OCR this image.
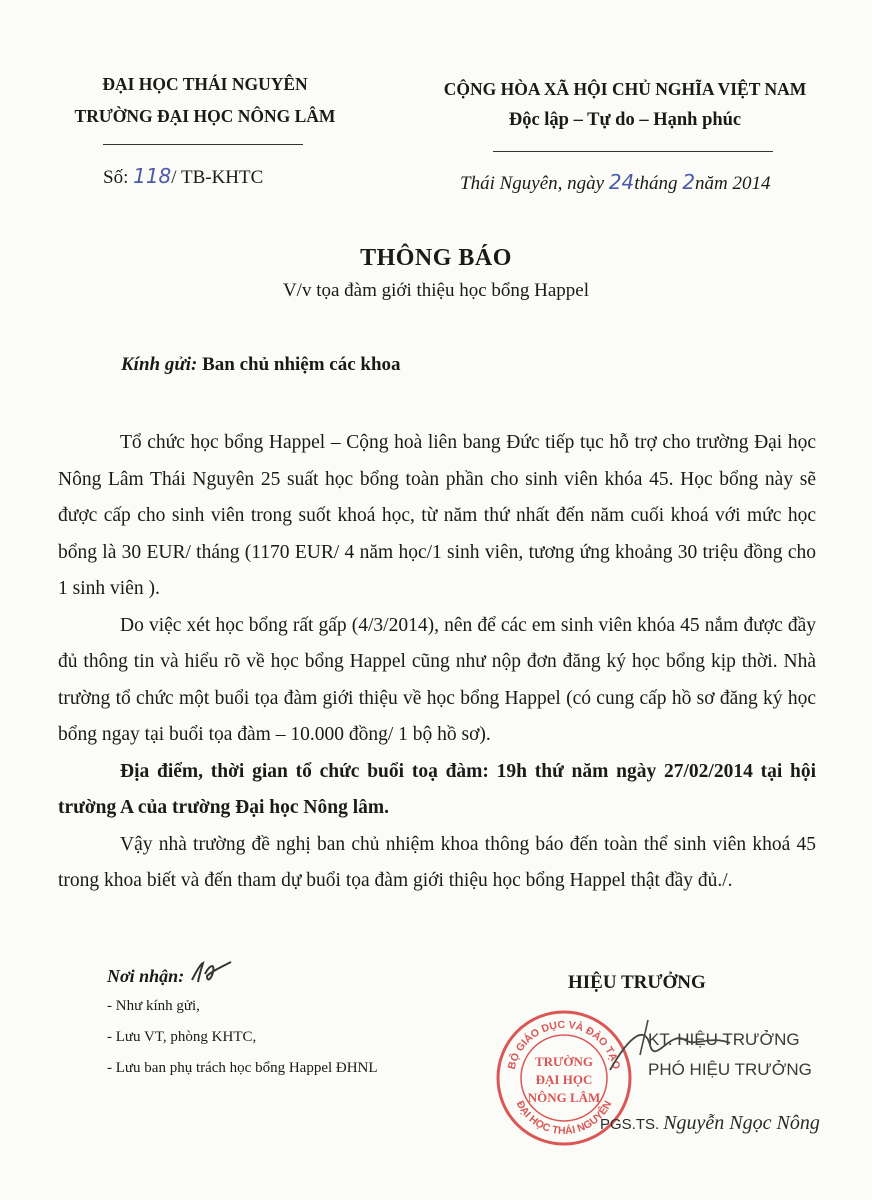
ĐẠI HỌC THÁI NGUYÊN
TRƯỜNG ĐẠI HỌC NÔNG LÂM
Số: 118/ TB-KHTC
CỘNG HÒA XÃ HỘI CHỦ NGHĨA VIỆT NAM
Độc lập – Tự do – Hạnh phúc
Thái Nguyên, ngày 24tháng 2năm 2014
THÔNG BÁO
V/v tọa đàm giới thiệu học bổng Happel
Kính gửi: Ban chủ nhiệm các khoa

Tổ chức học bổng Happel – Cộng hoà liên bang Đức tiếp tục hỗ trợ cho trường Đại học Nông Lâm Thái Nguyên 25 suất học bổng toàn phần cho sinh viên khóa 45. Học bổng này sẽ được cấp cho sinh viên trong suốt khoá học, từ năm thứ nhất đến năm cuối khoá với mức học bổng là 30 EUR/ tháng (1170 EUR/ 4 năm học/1 sinh viên, tương ứng khoảng 30 triệu đồng cho 1 sinh viên ).

Do việc xét học bổng rất gấp (4/3/2014), nên để các em sinh viên khóa 45 nắm được đầy đủ thông tin và hiểu rõ về học bổng Happel cũng như nộp đơn đăng ký học bổng kịp thời. Nhà trường tổ chức một buổi tọa đàm giới thiệu về học bổng Happel (có cung cấp hồ sơ đăng ký học bổng ngay tại buổi tọa đàm – 10.000 đồng/ 1 bộ hồ sơ).

Địa điểm, thời gian tổ chức buổi toạ đàm: 19h thứ năm ngày 27/02/2014 tại hội trường A của trường Đại học Nông lâm.

Vậy nhà trường đề nghị ban chủ nhiệm khoa thông báo đến toàn thể sinh viên khoá 45 trong khoa biết và đến tham dự buổi tọa đàm giới thiệu học bổng Happel thật đầy đủ./.

Nơi nhận:
- Như kính gửi,
- Lưu VT, phòng KHTC,
- Lưu ban phụ trách học bổng Happel ĐHNL
HIỆU TRƯỞNG
BỘ GIÁO DỤC VÀ ĐÀO TẠO
ĐẠI HỌC THÁI NGUYÊN
TRƯỜNG
ĐẠI HỌC
NÔNG LÂM
KT. HIỆU TRƯỞNG
PHÓ HIỆU TRƯỞNG
PGS.TS. Nguyễn Ngọc Nông
